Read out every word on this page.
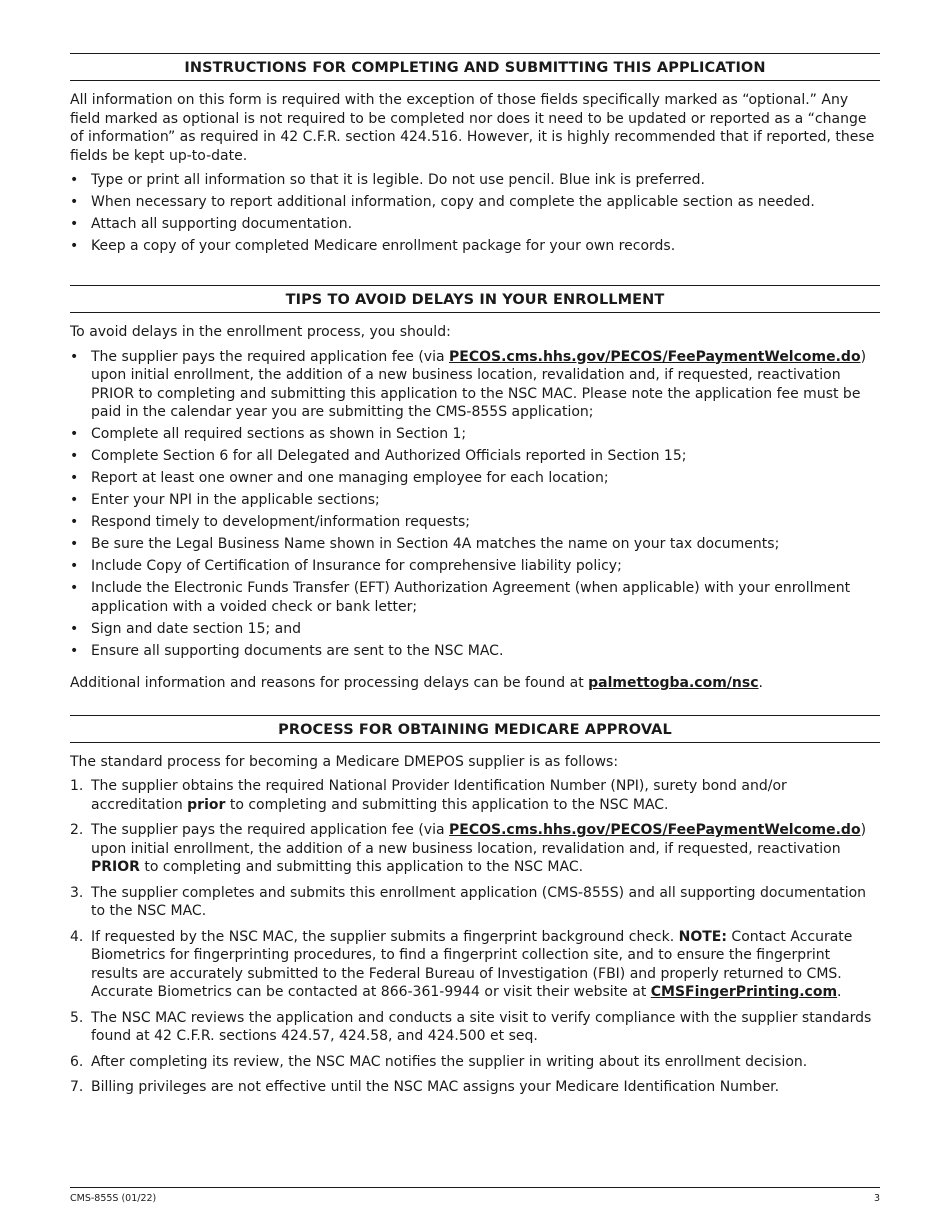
INSTRUCTIONS FOR COMPLETING AND SUBMITTING THIS APPLICATION

All information on this form is required with the exception of those fields specifically marked as “optional.” Any field marked as optional is not required to be completed nor does it need to be updated or reported as a “change of information” as required in 42 C.F.R. section 424.516. However, it is highly recommended that if reported, these fields be kept up-to-date.

• Type or print all information so that it is legible. Do not use pencil. Blue ink is preferred.
• When necessary to report additional information, copy and complete the applicable section as needed.
• Attach all supporting documentation.
• Keep a copy of your completed Medicare enrollment package for your own records.
TIPS TO AVOID DELAYS IN YOUR ENROLLMENT

To avoid delays in the enrollment process, you should:

• The supplier pays the required application fee (via PECOS.cms.hhs.gov/PECOS/FeePaymentWelcome.do) upon initial enrollment, the addition of a new business location, revalidation and, if requested, reactivation PRIOR to completing and submitting this application to the NSC MAC. Please note the application fee must be paid in the calendar year you are submitting the CMS-855S application;
• Complete all required sections as shown in Section 1;
• Complete Section 6 for all Delegated and Authorized Officials reported in Section 15;
• Report at least one owner and one managing employee for each location;
• Enter your NPI in the applicable sections;
• Respond timely to development/information requests;
• Be sure the Legal Business Name shown in Section 4A matches the name on your tax documents;
• Include Copy of Certification of Insurance for comprehensive liability policy;
• Include the Electronic Funds Transfer (EFT) Authorization Agreement (when applicable) with your enrollment application with a voided check or bank letter;
• Sign and date section 15; and
• Ensure all supporting documents are sent to the NSC MAC.

Additional information and reasons for processing delays can be found at palmettogba.com/nsc.

PROCESS FOR OBTAINING MEDICARE APPROVAL

The standard process for becoming a Medicare DMEPOS supplier is as follows:

1. The supplier obtains the required National Provider Identification Number (NPI), surety bond and/or accreditation prior to completing and submitting this application to the NSC MAC.
2. The supplier pays the required application fee (via PECOS.cms.hhs.gov/PECOS/FeePaymentWelcome.do) upon initial enrollment, the addition of a new business location, revalidation and, if requested, reactivation PRIOR to completing and submitting this application to the NSC MAC.
3. The supplier completes and submits this enrollment application (CMS-855S) and all supporting documentation to the NSC MAC.
4. If requested by the NSC MAC, the supplier submits a fingerprint background check. NOTE: Contact Accurate Biometrics for fingerprinting procedures, to find a fingerprint collection site, and to ensure the fingerprint results are accurately submitted to the Federal Bureau of Investigation (FBI) and properly returned to CMS. Accurate Biometrics can be contacted at 866-361-9944 or visit their website at CMSFingerPrinting.com.
5. The NSC MAC reviews the application and conducts a site visit to verify compliance with the supplier standards found at 42 C.F.R. sections 424.57, 424.58, and 424.500 et seq.
6. After completing its review, the NSC MAC notifies the supplier in writing about its enrollment decision.
7. Billing privileges are not effective until the NSC MAC assigns your Medicare Identification Number.
CMS-855S (01/22)	3
